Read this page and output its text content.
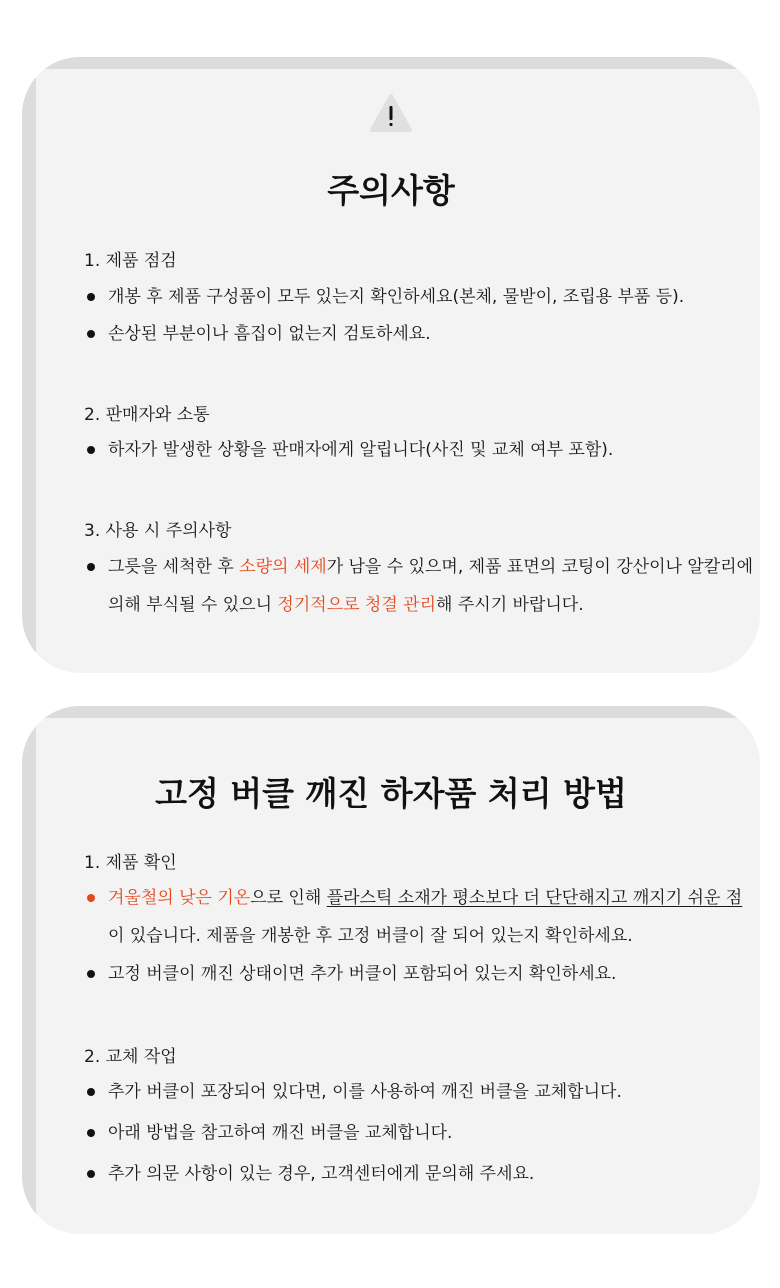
주의사항
1. 제품 점검
개봉 후 제품 구성품이 모두 있는지 확인하세요(본체, 물받이, 조립용 부품 등).
손상된 부분이나 흠집이 없는지 검토하세요.
2. 판매자와 소통
하자가 발생한 상황을 판매자에게 알립니다(사진 및 교체 여부 포함).
3. 사용 시 주의사항
그릇을 세척한 후 소량의 세제가 남을 수 있으며, 제품 표면의 코팅이 강산이나 알칼리에 의해 부식될 수 있으니 정기적으로 청결 관리해 주시기 바랍니다.
고정 버클 깨진 하자품 처리 방법
1. 제품 확인
겨울철의 낮은 기온으로 인해 플라스틱 소재가 평소보다 더 단단해지고 깨지기 쉬운 점이 있습니다. 제품을 개봉한 후 고정 버클이 잘 되어 있는지 확인하세요.
고정 버클이 깨진 상태이면 추가 버클이 포함되어 있는지 확인하세요.
2. 교체 작업
추가 버클이 포장되어 있다면, 이를 사용하여 깨진 버클을 교체합니다.
아래 방법을 참고하여 깨진 버클을 교체합니다.
추가 의문 사항이 있는 경우, 고객센터에게 문의해 주세요.
